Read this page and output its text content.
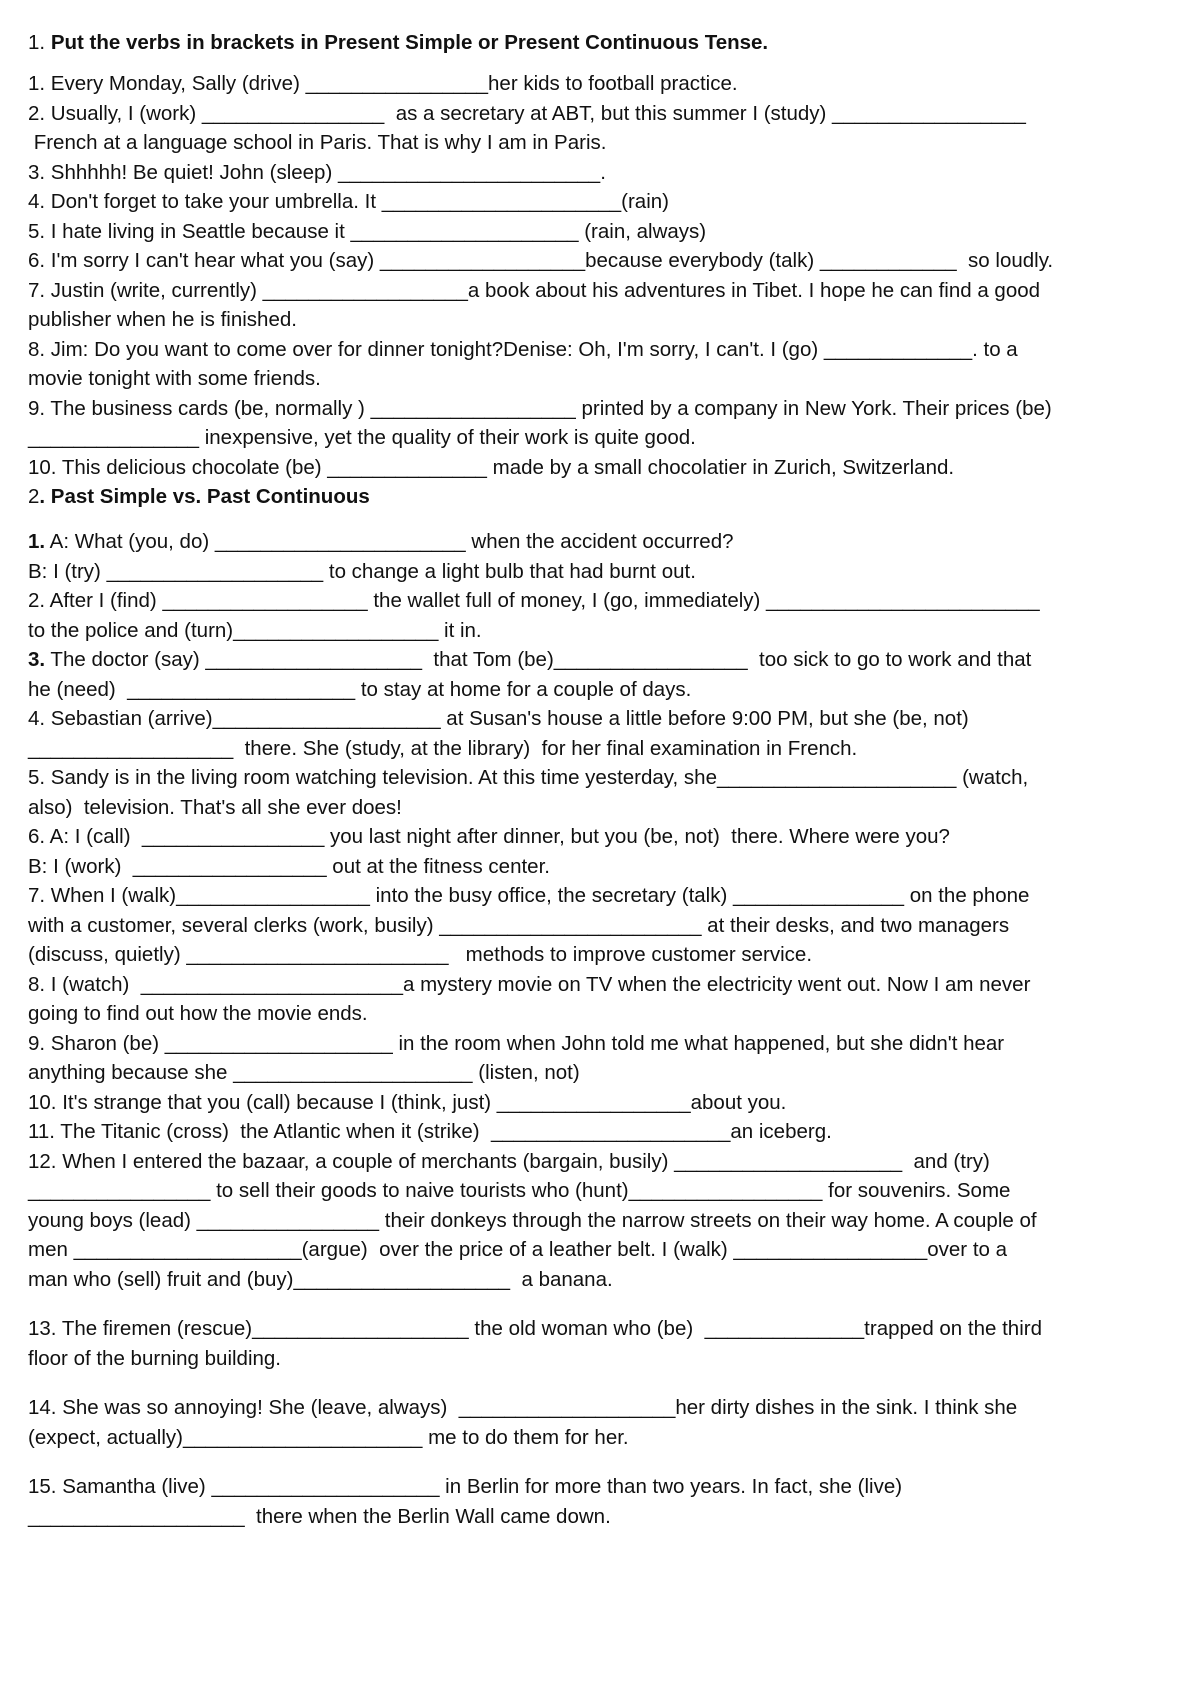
1. Put the verbs in brackets in Present Simple or Present Continuous Tense.

1. Every Monday, Sally (drive) ________________her kids to football practice.

2. Usually, I (work) ________________  as a secretary at ABT, but this summer I (study) _________________

French at a language school in Paris. That is why I am in Paris.

3. Shhhhh! Be quiet! John (sleep) _______________________.

4. Don't forget to take your umbrella. It _____________________(rain)

5. I hate living in Seattle because it ____________________ (rain, always)

6. I'm sorry I can't hear what you (say) __________________because everybody (talk) ____________  so loudly.

7. Justin (write, currently) __________________a book about his adventures in Tibet. I hope he can find a good

publisher when he is finished.

8. Jim: Do you want to come over for dinner tonight?Denise: Oh, I'm sorry, I can't. I (go) _____________. to a

movie tonight with some friends.

9. The business cards (be, normally ) __________________ printed by a company in New York. Their prices (be)

_______________ inexpensive, yet the quality of their work is quite good.

10. This delicious chocolate (be) ______________ made by a small chocolatier in Zurich, Switzerland.

2. Past Simple vs. Past Continuous

1. A: What (you, do) ______________________ when the accident occurred?

B: I (try) ___________________ to change a light bulb that had burnt out.

2. After I (find) __________________ the wallet full of money, I (go, immediately) ________________________

to the police and (turn)__________________ it in.

3. The doctor (say) ___________________  that Tom (be)_________________  too sick to go to work and that

he (need)  ____________________ to stay at home for a couple of days.

4. Sebastian (arrive)____________________ at Susan's house a little before 9:00 PM, but she (be, not)

__________________  there. She (study, at the library)  for her final examination in French.

5. Sandy is in the living room watching television. At this time yesterday, she_____________________ (watch,

also)  television. That's all she ever does!

6. A: I (call)  ________________ you last night after dinner, but you (be, not)  there. Where were you?

B: I (work)  _________________ out at the fitness center.

7. When I (walk)_________________ into the busy office, the secretary (talk) _______________ on the phone

with a customer, several clerks (work, busily) _______________________ at their desks, and two managers

(discuss, quietly) _______________________   methods to improve customer service.

8. I (watch)  _______________________a mystery movie on TV when the electricity went out. Now I am never

going to find out how the movie ends.

9. Sharon (be) ____________________ in the room when John told me what happened, but she didn't hear

anything because she _____________________ (listen, not)

10. It's strange that you (call) because I (think, just) _________________about you.

11. The Titanic (cross)  the Atlantic when it (strike)  _____________________an iceberg.

12. When I entered the bazaar, a couple of merchants (bargain, busily) ____________________  and (try)

________________ to sell their goods to naive tourists who (hunt)_________________ for souvenirs. Some

young boys (lead) ________________ their donkeys through the narrow streets on their way home. A couple of

men ____________________(argue)  over the price of a leather belt. I (walk) _________________over to a

man who (sell) fruit and (buy)___________________  a banana.

13. The firemen (rescue)___________________ the old woman who (be)  ______________trapped on the third

floor of the burning building.

14. She was so annoying! She (leave, always)  ___________________her dirty dishes in the sink. I think she

(expect, actually)_____________________ me to do them for her.

15. Samantha (live) ____________________ in Berlin for more than two years. In fact, she (live)

___________________  there when the Berlin Wall came down.
